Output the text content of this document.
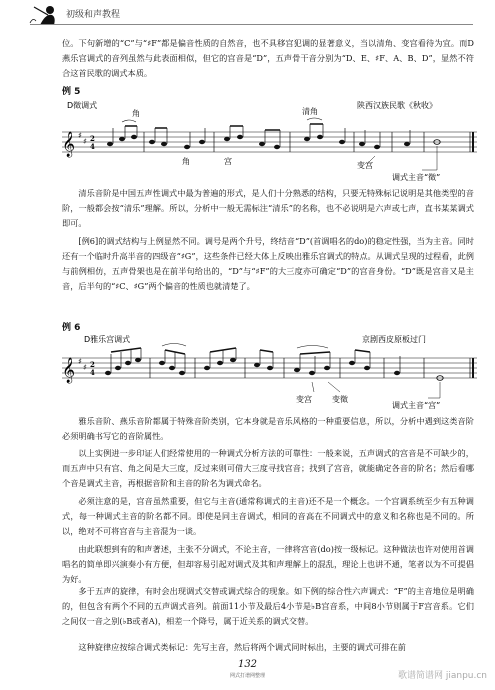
初级和声教程

位。下句新增的“C”与“♯F”都是偏音性质的自然音，也不具移宫犯调的显著意义，当以清角、变宫看待为宜。而D燕乐宫调式的音列虽然与此表面相似，但它的宫音是“D”，五声骨干音分别为“D、E、♯F、A、B、D”，显然不符合这首民歌的调式本质。

例 5
D徵调式	陕西汉族民歌《秋收》
𝄞 ♯
♯ 2
4
角
角	宫
清角
变宫
调式主音“徵”

清乐音阶是中国五声性调式中最为普遍的形式，是人们十分熟悉的结构，只要无特殊标记说明是其他类型的音阶，一般都会按“清乐”理解。所以，分析中一般无需标注“清乐”的名称，也不必说明是六声或七声，直书某某调式即可。

[例6]的调式结构与上例显然不同。调号是两个升号，终结音“D”(首调唱名的do)的稳定性强，当为主音。同时还有一个临时升高半音的四级音“♯G”，这些条件已经大体上反映出雅乐宫调式的特点。从调式呈现的过程看，此例与前例相仿，五声骨架也是在前半句给出的，“D”与“♯F”的大三度亦可确定“D”的宫音身份。“D”既是宫音又是主音，后半句的“♯C、♯G”两个偏音的性质也就清楚了。

例 6
D雅乐宫调式	京剧西皮原板过门
𝄞 ♯
♯ 2
4
变宫	变徵
调式主音“宫”

雅乐音阶、燕乐音阶都属于特殊音阶类别，它本身就是音乐风格的一种重要信息，所以，分析中遇到这类音阶必须明确书写它的音阶属性。

以上实例进一步印证人们经常使用的一种调式分析方法的可靠性：一般来说，五声调式的宫音是不可缺少的，而五声中只有宫、角之间是大三度，反过来则可借大三度寻找宫音；找到了宫音，就能确定各音的阶名；然后看哪个音是调式主音，再根据音阶和主音的阶名为调式命名。

必须注意的是，宫音虽然重要，但它与主音(通常称调式的主音)还不是一个概念。一个宫调系统至少有五种调式，每一种调式主音的阶名都不同。即使是同主音调式，相同的音高在不同调式中的意义和名称也是不同的。所以，绝对不可将宫音与主音混为一谈。

由此联想到有的和声著述，主张不分调式，不论主音，一律将宫音(do)按一级标记。这种做法也许对使用首调唱名的简单即兴演奏小有方便，但却容易引起对调式及其和声理解上的混乱，理论上也讲不通，笔者以为不可提倡为好。

多于五声的旋律，有时会出现调式交替或调式综合的现象。如下例的综合性六声调式：“F”的主音地位是明确的，但包含有两个不同的五声调式音列。前面11小节及最后4小节是♭B宫音系，中间8小节则属于F宫音系。它们之间仅一音之别(♭B或者A)，相差一个降号，属于近关系的调式交替。

这种旋律应按综合调式类标记：先写主音，然后将两个调式同时标出，主要的调式可排在前

132
网式打谱网整理	歌谱简谱网 jianpu.cn
